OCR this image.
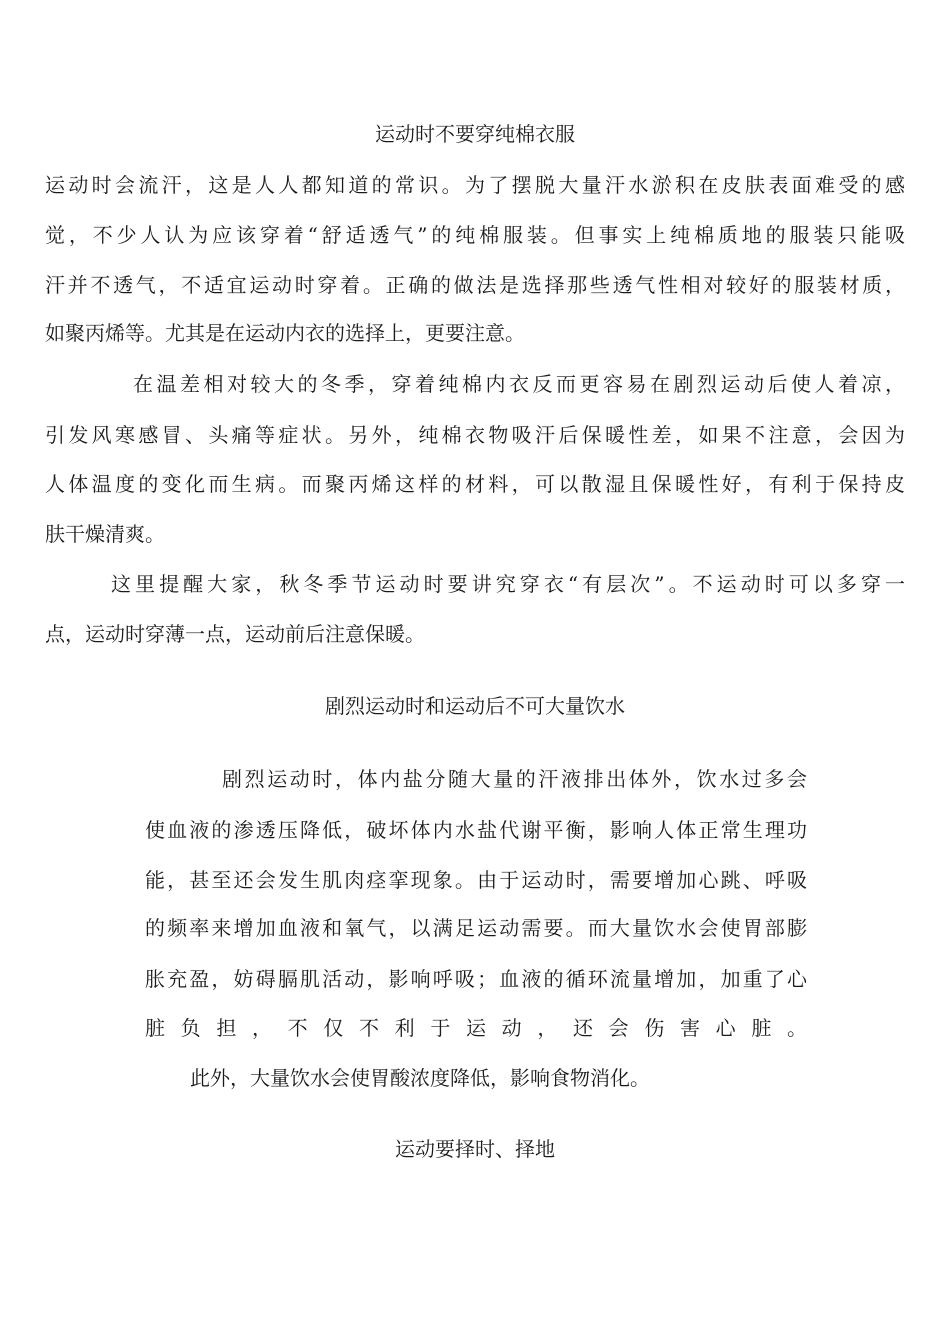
运动时不要穿纯棉衣服
运动时会流汗，这是人人都知道的常识。为了摆脱大量汗水淤积在皮肤表面难受的感
觉，不少人认为应该穿着“舒适透气”的纯棉服装。但事实上纯棉质地的服装只能吸
汗并不透气，不适宜运动时穿着。正确的做法是选择那些透气性相对较好的服装材质，
如聚丙烯等。尤其是在运动内衣的选择上，更要注意。
在温差相对较大的冬季，穿着纯棉内衣反而更容易在剧烈运动后使人着凉，
引发风寒感冒、头痛等症状。另外，纯棉衣物吸汗后保暖性差，如果不注意，会因为
人体温度的变化而生病。而聚丙烯这样的材料，可以散湿且保暖性好，有利于保持皮
肤干燥清爽。
这里提醒大家，秋冬季节运动时要讲究穿衣“有层次”。不运动时可以多穿一
点，运动时穿薄一点，运动前后注意保暖。
剧烈运动时和运动后不可大量饮水
剧烈运动时，体内盐分随大量的汗液排出体外，饮水过多会
使血液的渗透压降低，破坏体内水盐代谢平衡，影响人体正常生理功
能，甚至还会发生肌肉痉挛现象。由于运动时，需要增加心跳、呼吸
的频率来增加血液和氧气，以满足运动需要。而大量饮水会使胃部膨
胀充盈，妨碍膈肌活动，影响呼吸；血液的循环流量增加，加重了心
脏负担，不仅不利于运动，还会伤害心脏。
此外，大量饮水会使胃酸浓度降低，影响食物消化。
运动要择时、择地
